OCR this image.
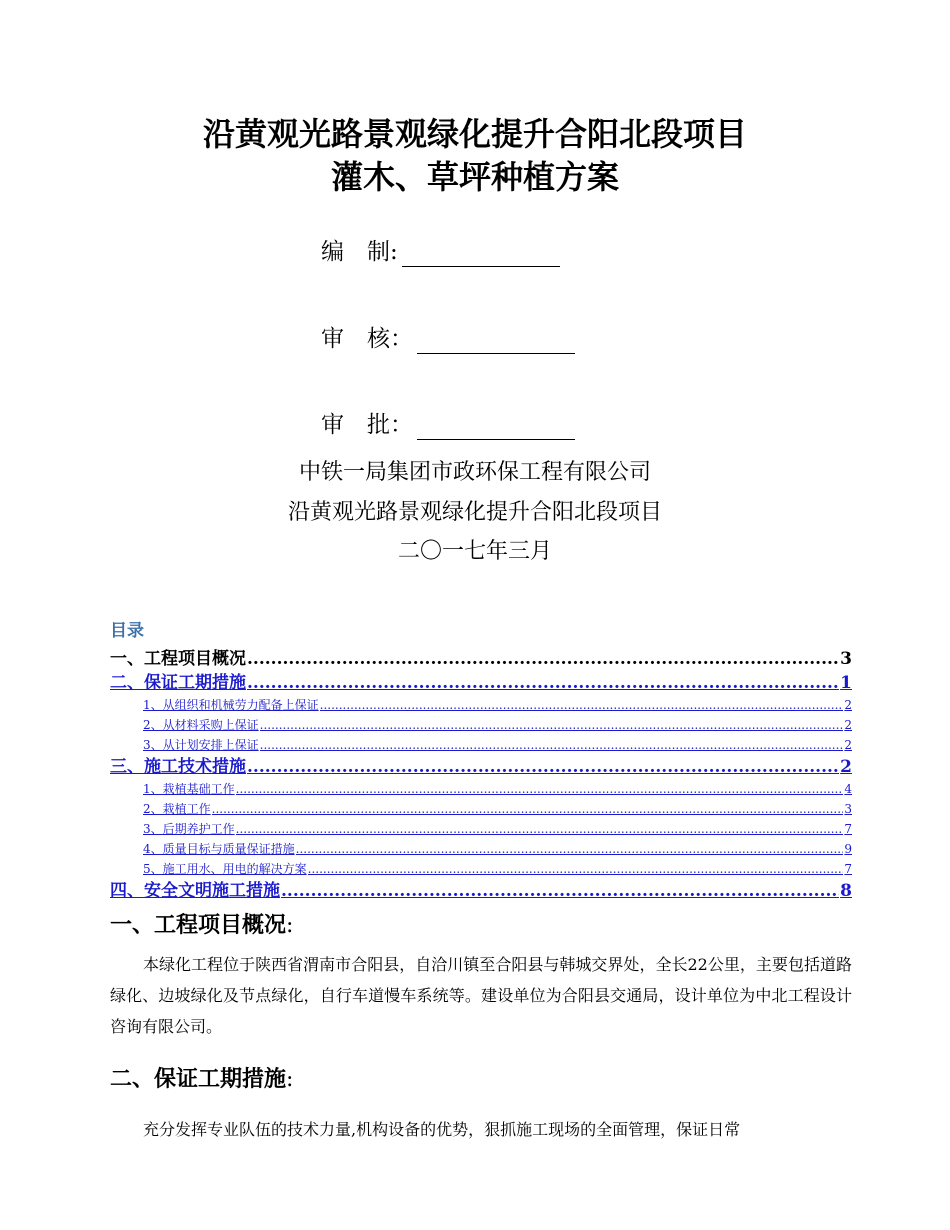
沿黄观光路景观绿化提升合阳北段项目
灌木、草坪种植方案
编　制:
审　核：
审　批：
中铁一局集团市政环保工程有限公司
沿黄观光路景观绿化提升合阳北段项目
二〇一七年三月
目录
一、工程项目概况 .....	3
二、保证工期措施 .....	1
1、从组织和机械劳力配备上保证 .....	2
2、从材料采购上保证 .....	2
3、从计划安排上保证 .....	2
三、施工技术措施 .....	2
1、栽植基础工作 .....	4
2、栽植工作 .....	3
3、后期养护工作 .....	7
4、质量目标与质量保证措施 .....	9
5、施工用水、用电的解决方案 .....	7
四、安全文明施工措施 .....	8
一、工程项目概况:
本绿化工程位于陕西省渭南市合阳县，自洽川镇至合阳县与韩城交界处，全长22公里，主要包括道路绿化、边坡绿化及节点绿化，自行车道慢车系统等。建设单位为合阳县交通局，设计单位为中北工程设计咨询有限公司。
二、保证工期措施:
充分发挥专业队伍的技术力量,机构设备的优势，狠抓施工现场的全面管理，保证日常
